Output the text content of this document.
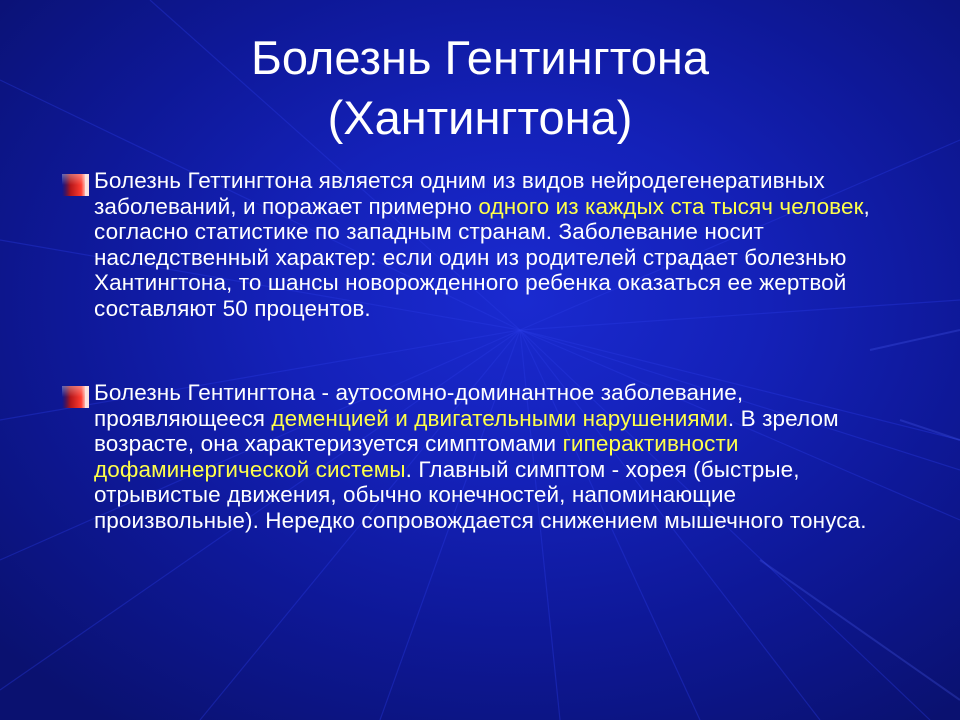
Болезнь Гентингтона
(Хантингтона)

Болезнь Геттингтона является одним из видов нейродегенеративных заболеваний, и поражает примерно одного из каждых ста тысяч человек, согласно статистике по западным странам. Заболевание носит наследственный характер: если один из родителей страдает болезнью Хантингтона, то шансы новорожденного ребенка оказаться ее жертвой составляют 50 процентов.

Болезнь Гентингтона - аутосомно-доминантное заболевание, проявляющееся деменцией и двигательными нарушениями. В зрелом возрасте, она характеризуется симптомами гиперактивности дофаминергической системы. Главный симптом - хорея (быстрые, отрывистые движения, обычно конечностей, напоминающие произвольные). Нередко сопровождается снижением мышечного тонуса.
